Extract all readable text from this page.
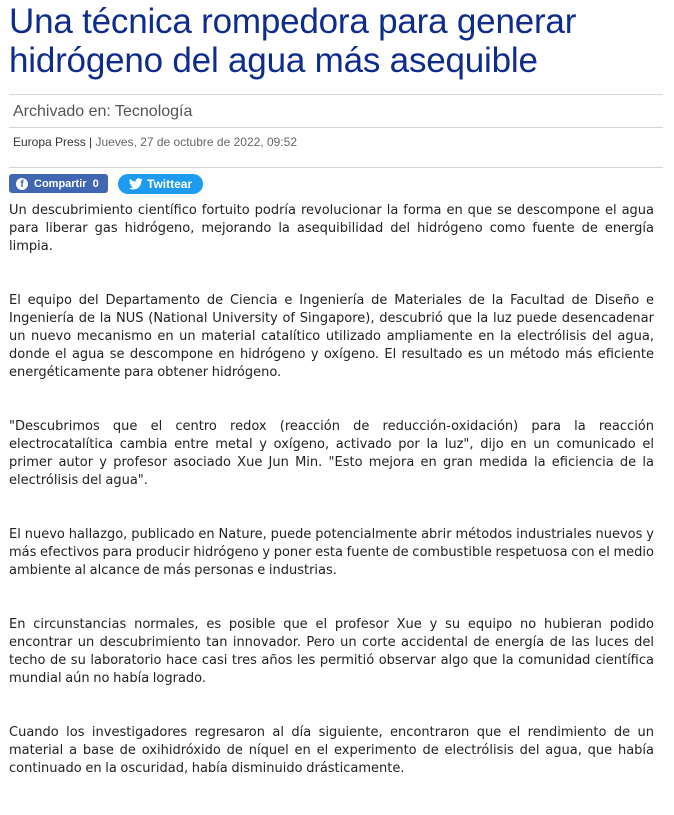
Una técnica rompedora para generar hidrógeno del agua más asequible
Archivado en: Tecnología
Europa Press | Jueves, 27 de octubre de 2022, 09:52
f Compartir 0	Twittear

Un descubrimiento científico fortuito podría revolucionar la forma en que se descompone el agua para liberar gas hidrógeno, mejorando la asequibilidad del hidrógeno como fuente de energía limpia.

El equipo del Departamento de Ciencia e Ingeniería de Materiales de la Facultad de Diseño e Ingeniería de la NUS (National University of Singapore), descubrió que la luz puede desencadenar un nuevo mecanismo en un material catalítico utilizado ampliamente en la electrólisis del agua, donde el agua se descompone en hidrógeno y oxígeno. El resultado es un método más eficiente energéticamente para obtener hidrógeno.

"Descubrimos que el centro redox (reacción de reducción-oxidación) para la reacción electrocatalítica cambia entre metal y oxígeno, activado por la luz", dijo en un comunicado el primer autor y profesor asociado Xue Jun Min. "Esto mejora en gran medida la eficiencia de la electrólisis del agua".

El nuevo hallazgo, publicado en Nature, puede potencialmente abrir métodos industriales nuevos y más efectivos para producir hidrógeno y poner esta fuente de combustible respetuosa con el medio ambiente al alcance de más personas e industrias.

En circunstancias normales, es posible que el profesor Xue y su equipo no hubieran podido encontrar un descubrimiento tan innovador. Pero un corte accidental de energía de las luces del techo de su laboratorio hace casi tres años les permitió observar algo que la comunidad científica mundial aún no había logrado.

Cuando los investigadores regresaron al día siguiente, encontraron que el rendimiento de un material a base de oxihidróxido de níquel en el experimento de electrólisis del agua, que había continuado en la oscuridad, había disminuido drásticamente.
